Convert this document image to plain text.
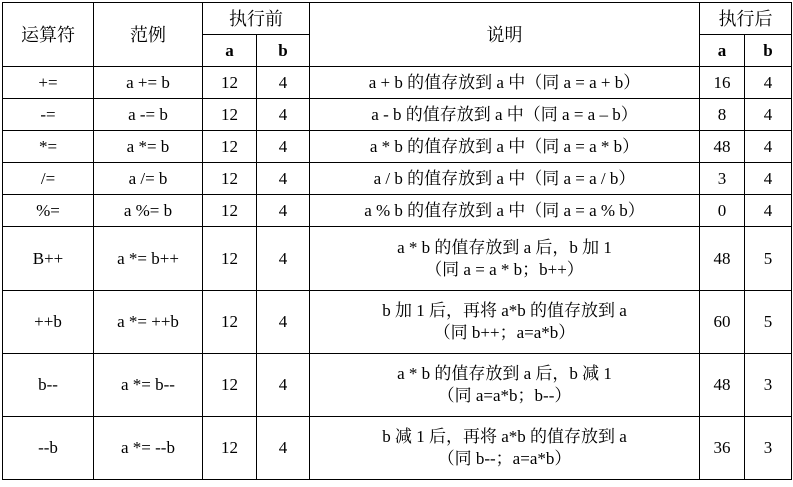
运算符	范例	执行前		说明	执行后	
		a	b		a	b
+=	a += b	12	4	a + b 的值存放到 a 中（同 a = a + b）	16	4
-=	a -= b	12	4	a - b 的值存放到 a 中（同 a = a – b）	8	4
*=	a *= b	12	4	a * b 的值存放到 a 中（同 a = a * b）	48	4
/=	a /= b	12	4	a / b 的值存放到 a 中（同 a = a / b）	3	4
%=	a %= b	12	4	a % b 的值存放到 a 中（同 a = a % b）	0	4
B++	a *= b++	12	4	a * b 的值存放到 a 后，b 加 1
（同 a = a * b；b++）	48	5
++b	a *= ++b	12	4	b 加 1 后，再将 a*b 的值存放到 a
（同 b++；a=a*b）	60	5
b--	a *= b--	12	4	a * b 的值存放到 a 后，b 减 1
（同 a=a*b；b--）	48	3
--b	a *= --b	12	4	b 减 1 后，再将 a*b 的值存放到 a
（同 b--；a=a*b）	36	3
